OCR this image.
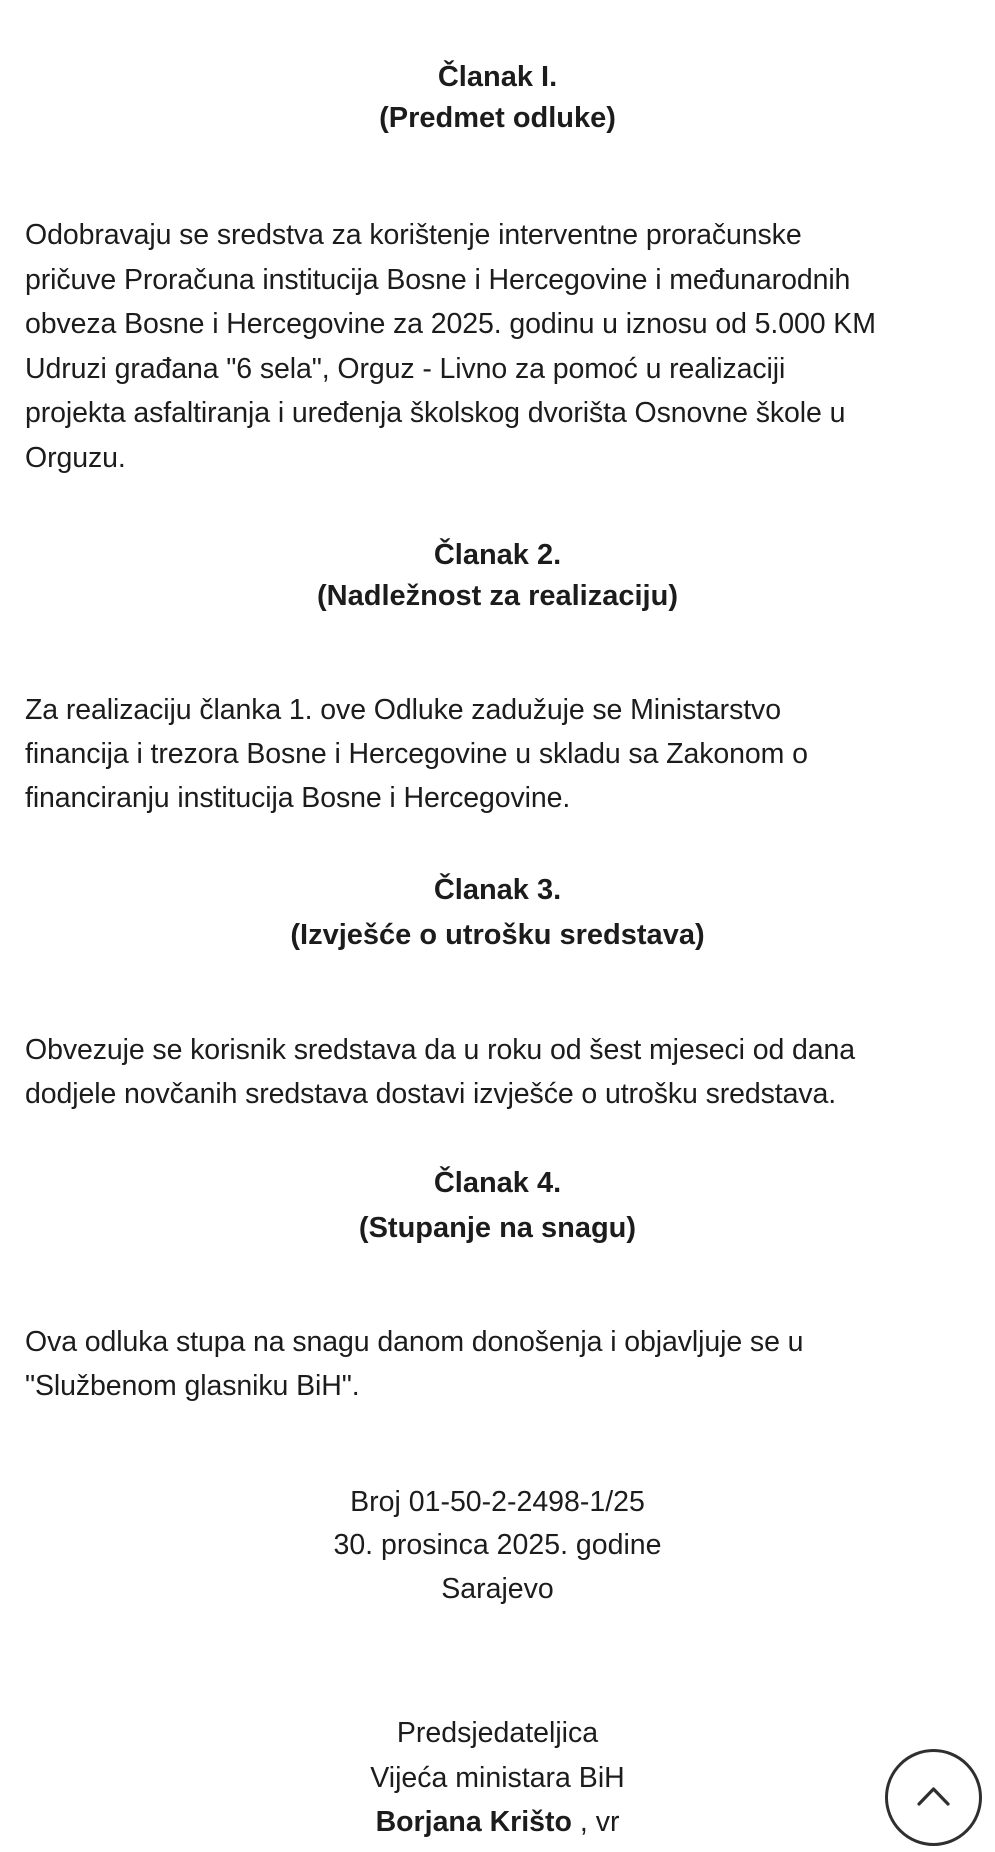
Članak I.
(Predmet odluke)
Odobravaju se sredstva za korištenje interventne proračunske
pričuve Proračuna institucija Bosne i Hercegovine i međunarodnih
obveza Bosne i Hercegovine za 2025. godinu u iznosu od 5.000 KM
Udruzi građana "6 sela", Orguz - Livno za pomoć u realizaciji
projekta asfaltiranja i uređenja školskog dvorišta Osnovne škole u
Orguzu.
Članak 2.
(Nadležnost za realizaciju)
Za realizaciju članka 1. ove Odluke zadužuje se Ministarstvo
financija i trezora Bosne i Hercegovine u skladu sa Zakonom o
financiranju institucija Bosne i Hercegovine.
Članak 3.
(Izvješće o utrošku sredstava)
Obvezuje se korisnik sredstava da u roku od šest mjeseci od dana
dodjele novčanih sredstava dostavi izvješće o utrošku sredstava.
Članak 4.
(Stupanje na snagu)
Ova odluka stupa na snagu danom donošenja i objavljuje se u
"Službenom glasniku BiH".
Broj 01-50-2-2498-1/25
30. prosinca 2025. godine
Sarajevo
Predsjedateljica
Vijeća ministara BiH
Borjana Krišto , vr
